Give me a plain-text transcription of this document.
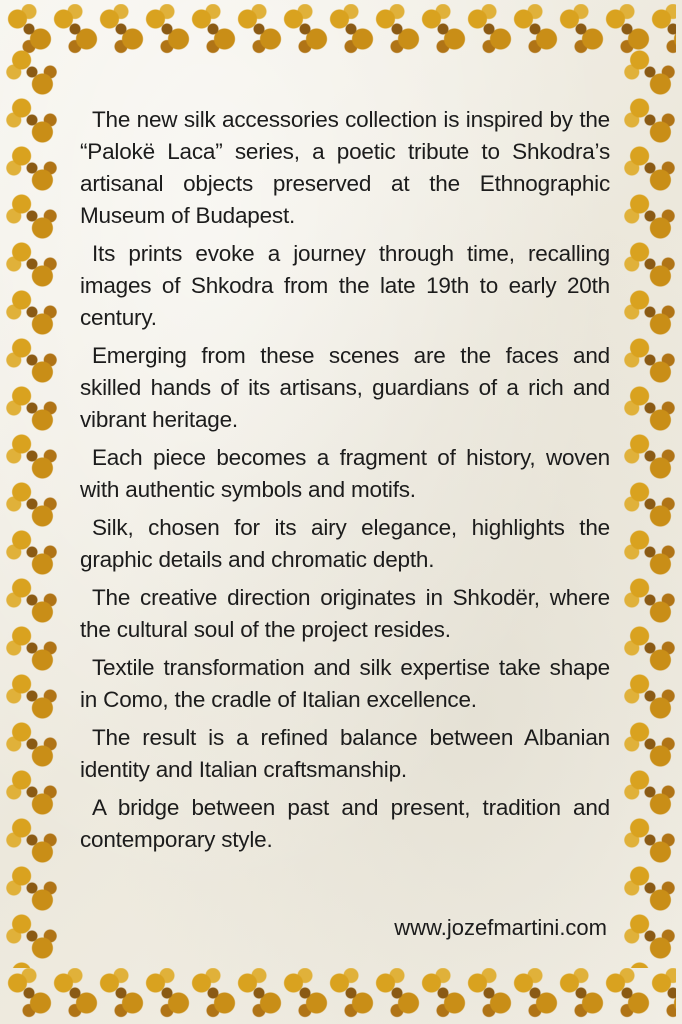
The new silk accessories collection is inspired by the “Palokë Laca” series, a poetic tribute to Shkodra’s artisanal objects preserved at the Ethnographic Museum of Budapest.

Its prints evoke a journey through time, recalling images of Shkodra from the late 19th to early 20th century.

Emerging from these scenes are the faces and skilled hands of its artisans, guardians of a rich and vibrant heritage.

Each piece becomes a fragment of history, woven with authentic symbols and motifs.

Silk, chosen for its airy elegance, highlights the graphic details and chromatic depth.

The creative direction originates in Shkodër, where the cultural soul of the project resides.

Textile transformation and silk expertise take shape in Como, the cradle of Italian excellence.

The result is a refined balance between Albanian identity and Italian craftsmanship.

A bridge between past and present, tradition and contemporary style.

www.jozefmartini.com
